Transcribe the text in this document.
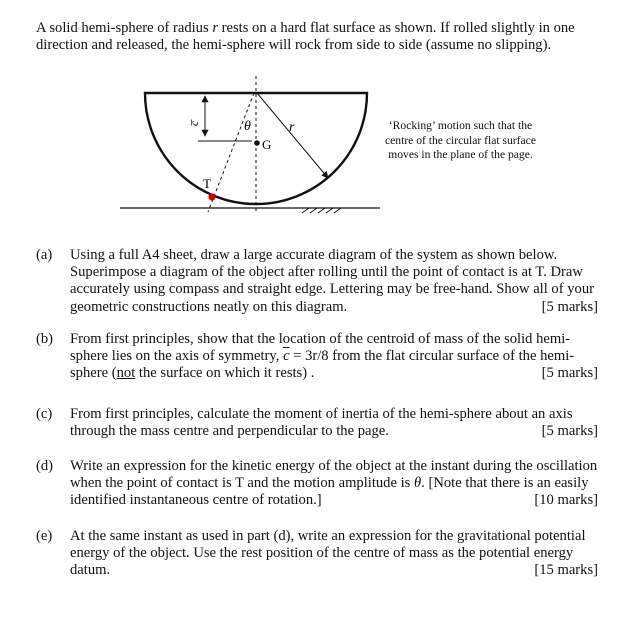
A solid hemi-sphere of radius r rests on a hard flat surface as shown. If rolled slightly in one direction and released, the hemi-sphere will rock from side to side (assume no slipping).
c̅	θ
G
r
T
‘Rocking’ motion such that the centre of the circular flat surface moves in the plane of the page.
(a) Using a full A4 sheet, draw a large accurate diagram of the system as shown below. Superimpose a diagram of the object after rolling until the point of contact is at T. Draw accurately using compass and straight edge. Lettering may be free-hand. Show all of your geometric constructions neatly on this diagram.	[5 marks]
(b) From first principles, show that the location of the centroid of mass of the solid hemi-sphere lies on the axis of symmetry, $\overline{c} = 3r/8$ from the flat circular surface of the hemi-sphere (not the surface on which it rests) .	[5 marks]
(c) From first principles, calculate the moment of inertia of the hemi-sphere about an axis through the mass centre and perpendicular to the page.	[5 marks]
(d) Write an expression for the kinetic energy of the object at the instant during the oscillation when the point of contact is T and the motion amplitude is θ. [Note that there is an easily identified instantaneous centre of rotation.]	[10 marks]
(e) At the same instant as used in part (d), write an expression for the gravitational potential energy of the object. Use the rest position of the centre of mass as the potential energy datum.	[15 marks]
